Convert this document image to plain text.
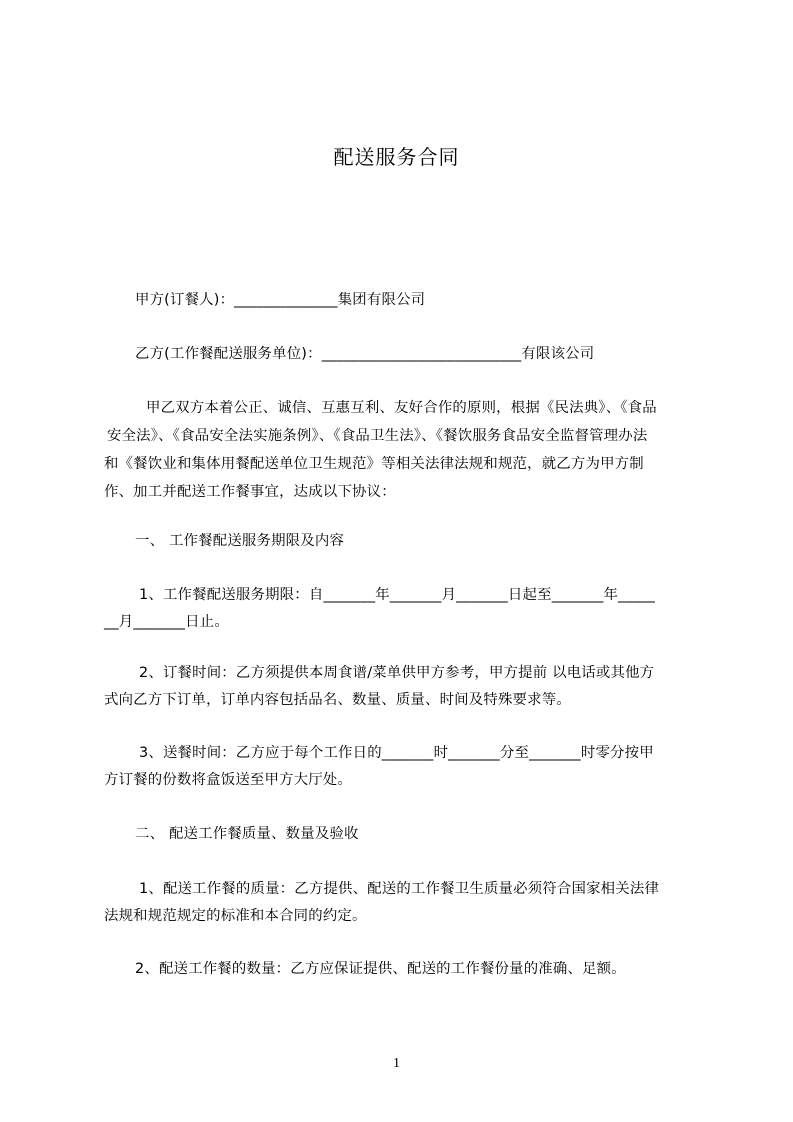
配送服务合同
甲方(订餐人)：______________集团有限公司
乙方(工作餐配送服务单位)：___________________________有限该公司
甲乙双方本着公正、诚信、互惠互利、友好合作的原则，根据《民法典》、《食品
安全法》、《食品安全法实施条例》、《食品卫生法》、《餐饮服务食品安全监督管理办法
和《餐饮业和集体用餐配送单位卫生规范》等相关法律法规和规范，就乙方为甲方制
作、加工并配送工作餐事宜，达成以下协议：
一、 工作餐配送服务期限及内容
1、工作餐配送服务期限：自_______年_______月_______日起至_______年_____
__月_______日止。
2、订餐时间：乙方须提供本周食谱/菜单供甲方参考，甲方提前 以电话或其他方
式向乙方下订单，订单内容包括品名、数量、质量、时间及特殊要求等。
3、送餐时间：乙方应于每个工作日的_______时_______分至_______时零分按甲
方订餐的份数将盒饭送至甲方大厅处。
二、 配送工作餐质量、数量及验收
1、配送工作餐的质量：乙方提供、配送的工作餐卫生质量必须符合国家相关法律
法规和规范规定的标准和本合同的约定。
2、配送工作餐的数量：乙方应保证提供、配送的工作餐份量的准确、足额。
1
